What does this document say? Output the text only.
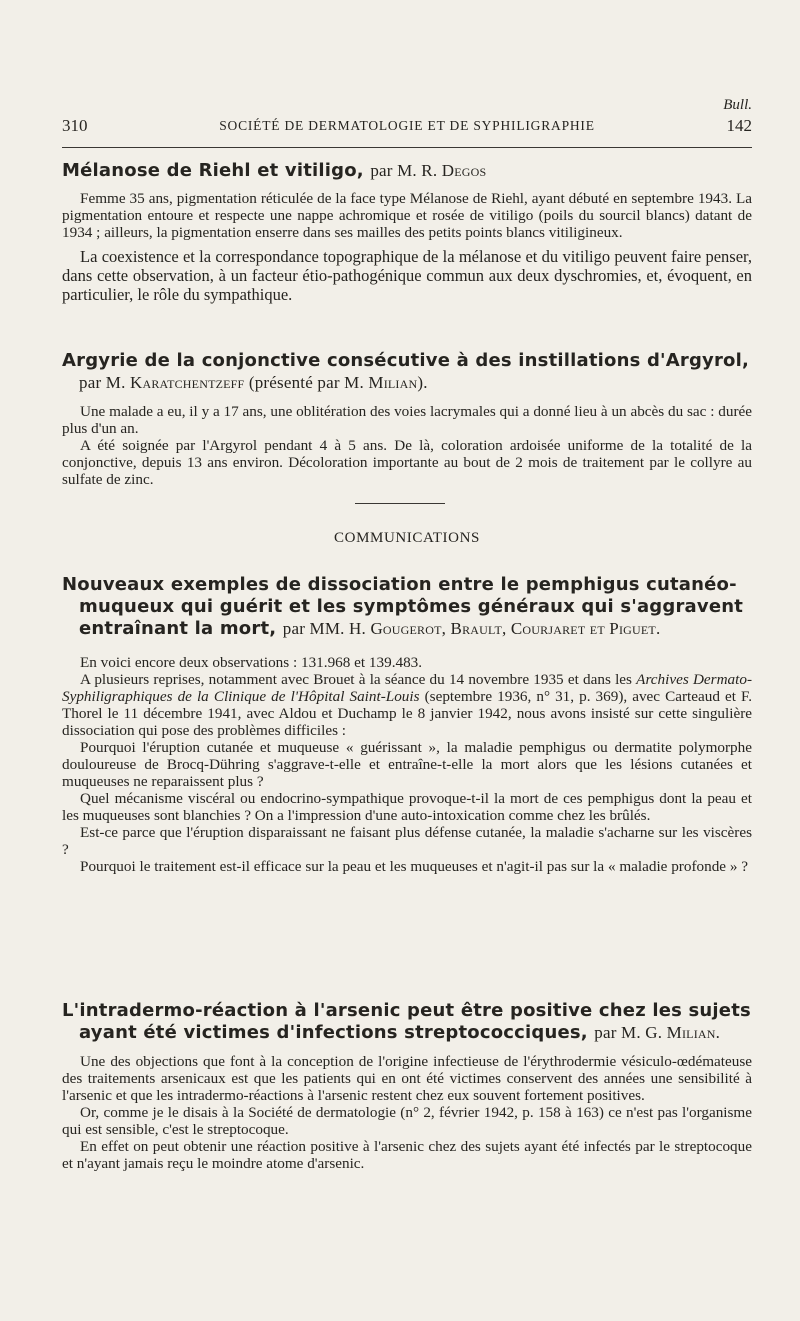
Bull.
310	SOCIÉTÉ DE DERMATOLOGIE ET DE SYPHILIGRAPHIE	142

Mélanose de Riehl et vitiligo, par M. R. Degos

Femme 35 ans, pigmentation réticulée de la face type Mélanose de Riehl, ayant débuté en septembre 1943. La pigmentation entoure et respecte une nappe achromique et rosée de vitiligo (poils du sourcil blancs) datant de 1934 ; ailleurs, la pigmentation enserre dans ses mailles des petits points blancs vitiligineux.

La coexistence et la correspondance topographique de la mélanose et du vitiligo peuvent faire penser, dans cette observation, à un facteur étio-pathogénique commun aux deux dyschromies, et, évoquent, en particulier, le rôle du sympathique.

Argyrie de la conjonctive consécutive à des instillations d'Argyrol, par M. Karatchentzeff (présenté par M. Milian).

Une malade a eu, il y a 17 ans, une oblitération des voies lacrymales qui a donné lieu à un abcès du sac : durée plus d'un an.

A été soignée par l'Argyrol pendant 4 à 5 ans. De là, coloration ardoisée uniforme de la totalité de la conjonctive, depuis 13 ans environ. Décoloration importante au bout de 2 mois de traitement par le collyre au sulfate de zinc.

COMMUNICATIONS

Nouveaux exemples de dissociation entre le pemphigus cutanéo-muqueux qui guérit et les symptômes généraux qui s'aggravent entraînant la mort, par MM. H. Gougerot, Brault, Courjaret et Piguet.

En voici encore deux observations : 131.968 et 139.483.

A plusieurs reprises, notamment avec Brouet à la séance du 14 novembre 1935 et dans les Archives Dermato-Syphiligraphiques de la Clinique de l'Hôpital Saint-Louis (septembre 1936, n° 31, p. 369), avec Carteaud et F. Thorel le 11 décembre 1941, avec Aldou et Duchamp le 8 janvier 1942, nous avons insisté sur cette singulière dissociation qui pose des problèmes difficiles :

Pourquoi l'éruption cutanée et muqueuse « guérissant », la maladie pemphigus ou dermatite polymorphe douloureuse de Brocq-Dühring s'aggrave-t-elle et entraîne-t-elle la mort alors que les lésions cutanées et muqueuses ne reparaissent plus ?

Quel mécanisme viscéral ou endocrino-sympathique provoque-t-il la mort de ces pemphigus dont la peau et les muqueuses sont blanchies ? On a l'impression d'une auto-intoxication comme chez les brûlés.

Est-ce parce que l'éruption disparaissant ne faisant plus défense cutanée, la maladie s'acharne sur les viscères ?

Pourquoi le traitement est-il efficace sur la peau et les muqueuses et n'agit-il pas sur la « maladie profonde » ?

L'intradermo-réaction à l'arsenic peut être positive chez les sujets ayant été victimes d'infections streptococciques, par M. G. Milian.

Une des objections que font à la conception de l'origine infectieuse de l'érythrodermie vésiculo-œdémateuse des traitements arsenicaux est que les patients qui en ont été victimes conservent des années une sensibilité à l'arsenic et que les intradermo-réactions à l'arsenic restent chez eux souvent fortement positives.

Or, comme je le disais à la Société de dermatologie (n° 2, février 1942, p. 158 à 163) ce n'est pas l'organisme qui est sensible, c'est le streptocoque.

En effet on peut obtenir une réaction positive à l'arsenic chez des sujets ayant été infectés par le streptocoque et n'ayant jamais reçu le moindre atome d'arsenic.
